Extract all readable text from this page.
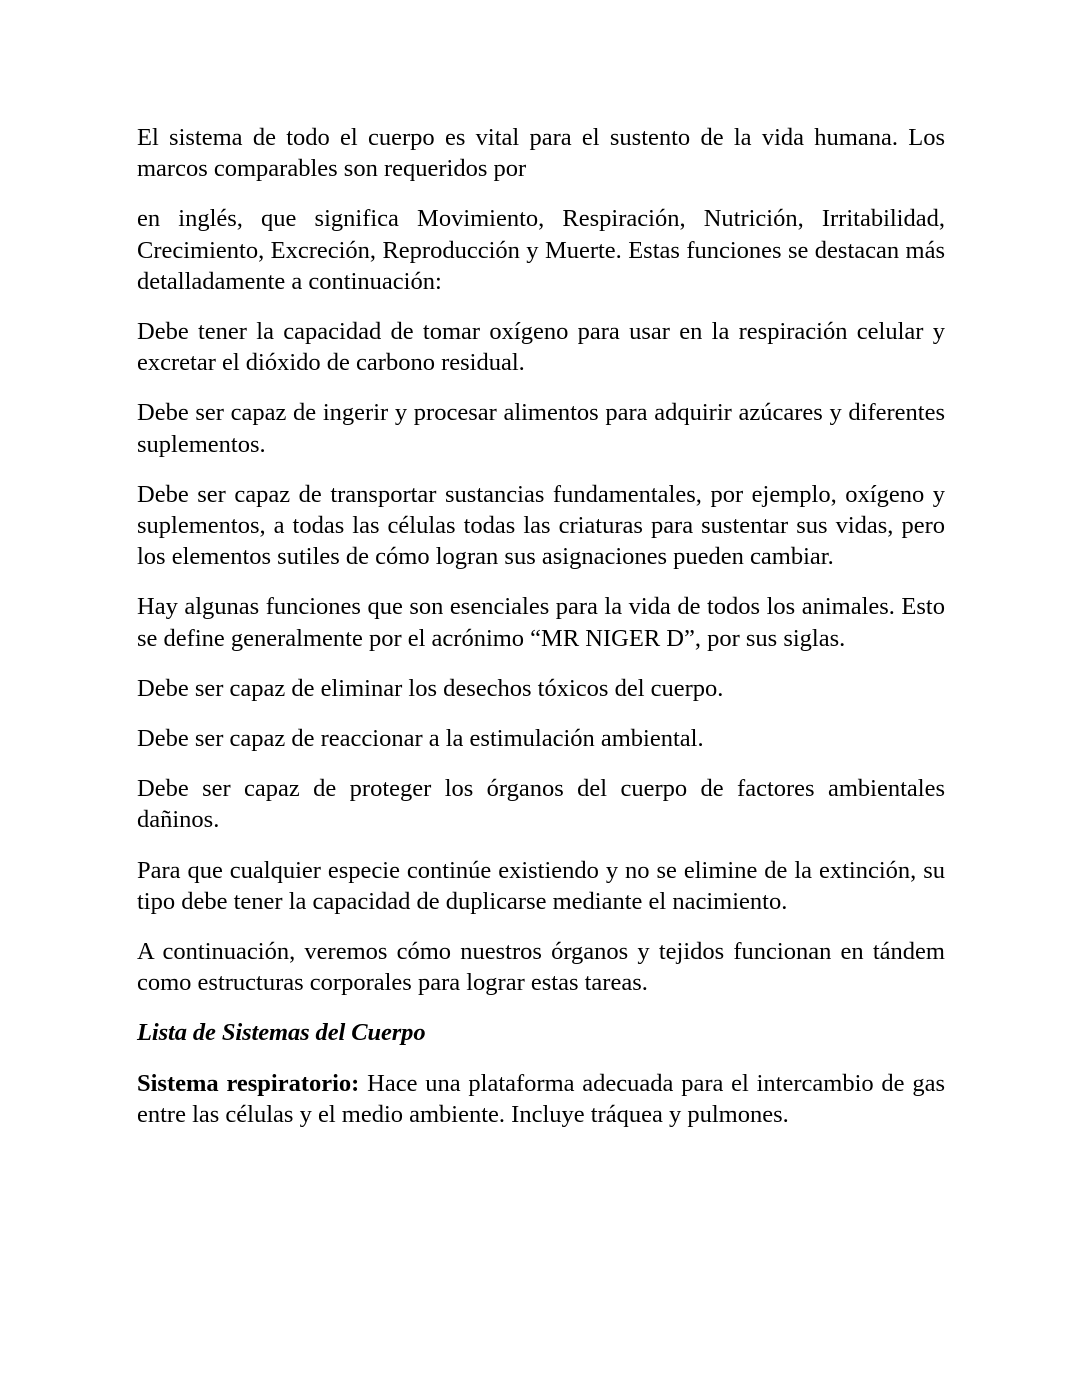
El sistema de todo el cuerpo es vital para el sustento de la vida humana. Los marcos comparables son requeridos por

en inglés, que significa Movimiento, Respiración, Nutrición, Irritabilidad, Crecimiento, Excreción, Reproducción y Muerte. Estas funciones se destacan más detalladamente a continuación:

Debe tener la capacidad de tomar oxígeno para usar en la respiración celular y excretar el dióxido de carbono residual.

Debe ser capaz de ingerir y procesar alimentos para adquirir azúcares y diferentes suplementos.

Debe ser capaz de transportar sustancias fundamentales, por ejemplo, oxígeno y suplementos, a todas las células todas las criaturas para sustentar sus vidas, pero los elementos sutiles de cómo logran sus asignaciones pueden cambiar.

Hay algunas funciones que son esenciales para la vida de todos los animales. Esto se define generalmente por el acrónimo “MR NIGER D”, por sus siglas.

Debe ser capaz de eliminar los desechos tóxicos del cuerpo.

Debe ser capaz de reaccionar a la estimulación ambiental.

Debe ser capaz de proteger los órganos del cuerpo de factores ambientales dañinos.

Para que cualquier especie continúe existiendo y no se elimine de la extinción, su tipo debe tener la capacidad de duplicarse mediante el nacimiento.

A continuación, veremos cómo nuestros órganos y tejidos funcionan en tándem como estructuras corporales para lograr estas tareas.

Lista de Sistemas del Cuerpo

Sistema respiratorio: Hace una plataforma adecuada para el intercambio de gas entre las células y el medio ambiente. Incluye tráquea y pulmones.
